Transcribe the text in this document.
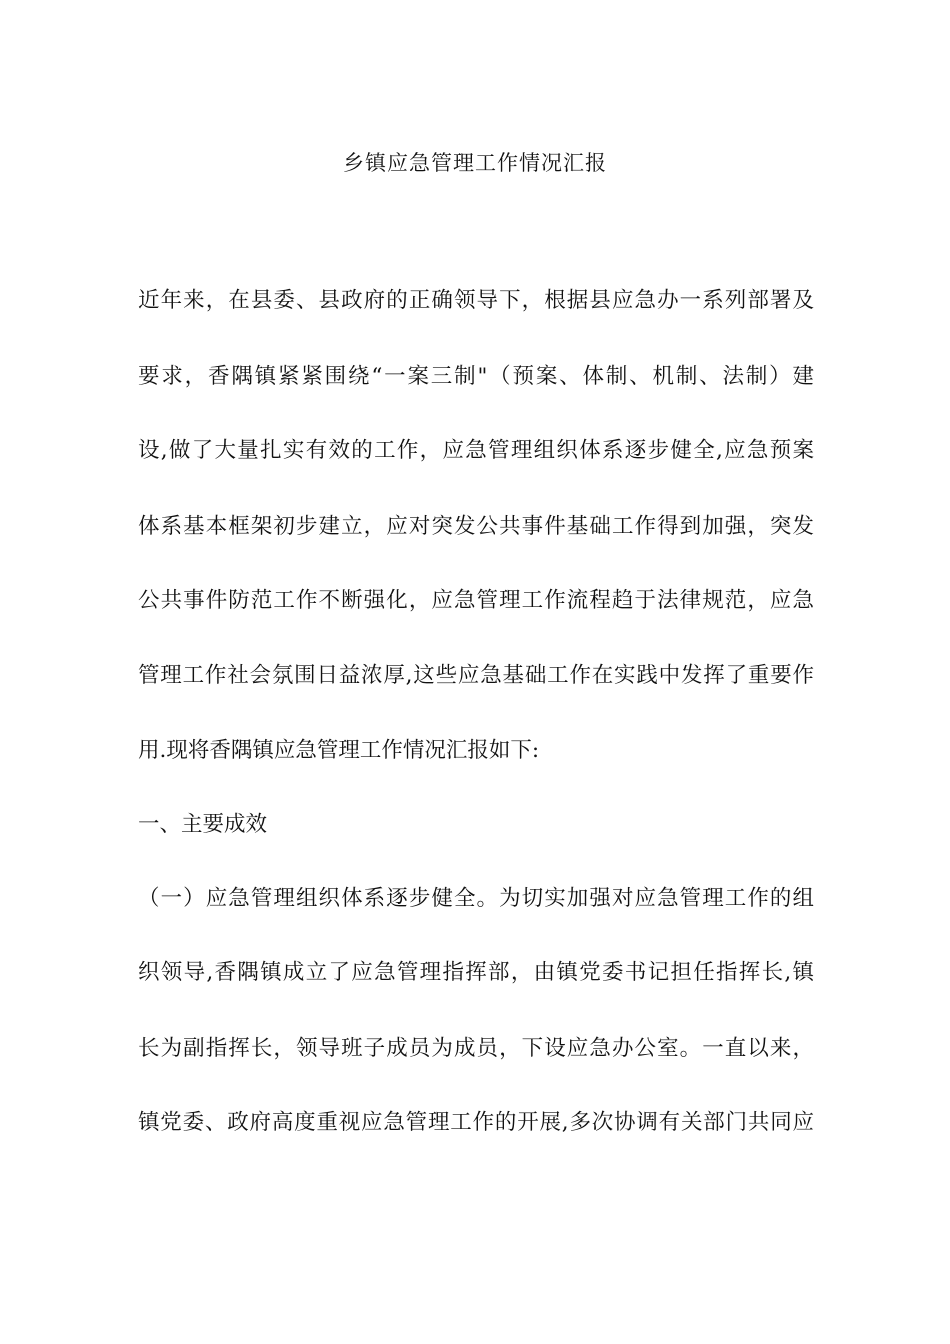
乡镇应急管理工作情况汇报
近年来，在县委、县政府的正确领导下，根据县应急办一系列部署及
要求，香隅镇紧紧围绕“一案三制"（预案、体制、机制、法制）建
设,做了大量扎实有效的工作，应急管理组织体系逐步健全,应急预案
体系基本框架初步建立，应对突发公共事件基础工作得到加强，突发
公共事件防范工作不断强化，应急管理工作流程趋于法律规范，应急
管理工作社会氛围日益浓厚,这些应急基础工作在实践中发挥了重要作
用.现将香隅镇应急管理工作情况汇报如下:
一、主要成效
（一）应急管理组织体系逐步健全。为切实加强对应急管理工作的组
织领导,香隅镇成立了应急管理指挥部，由镇党委书记担任指挥长,镇
长为副指挥长，领导班子成员为成员，下设应急办公室。一直以来，
镇党委、政府高度重视应急管理工作的开展,多次协调有关部门共同应
